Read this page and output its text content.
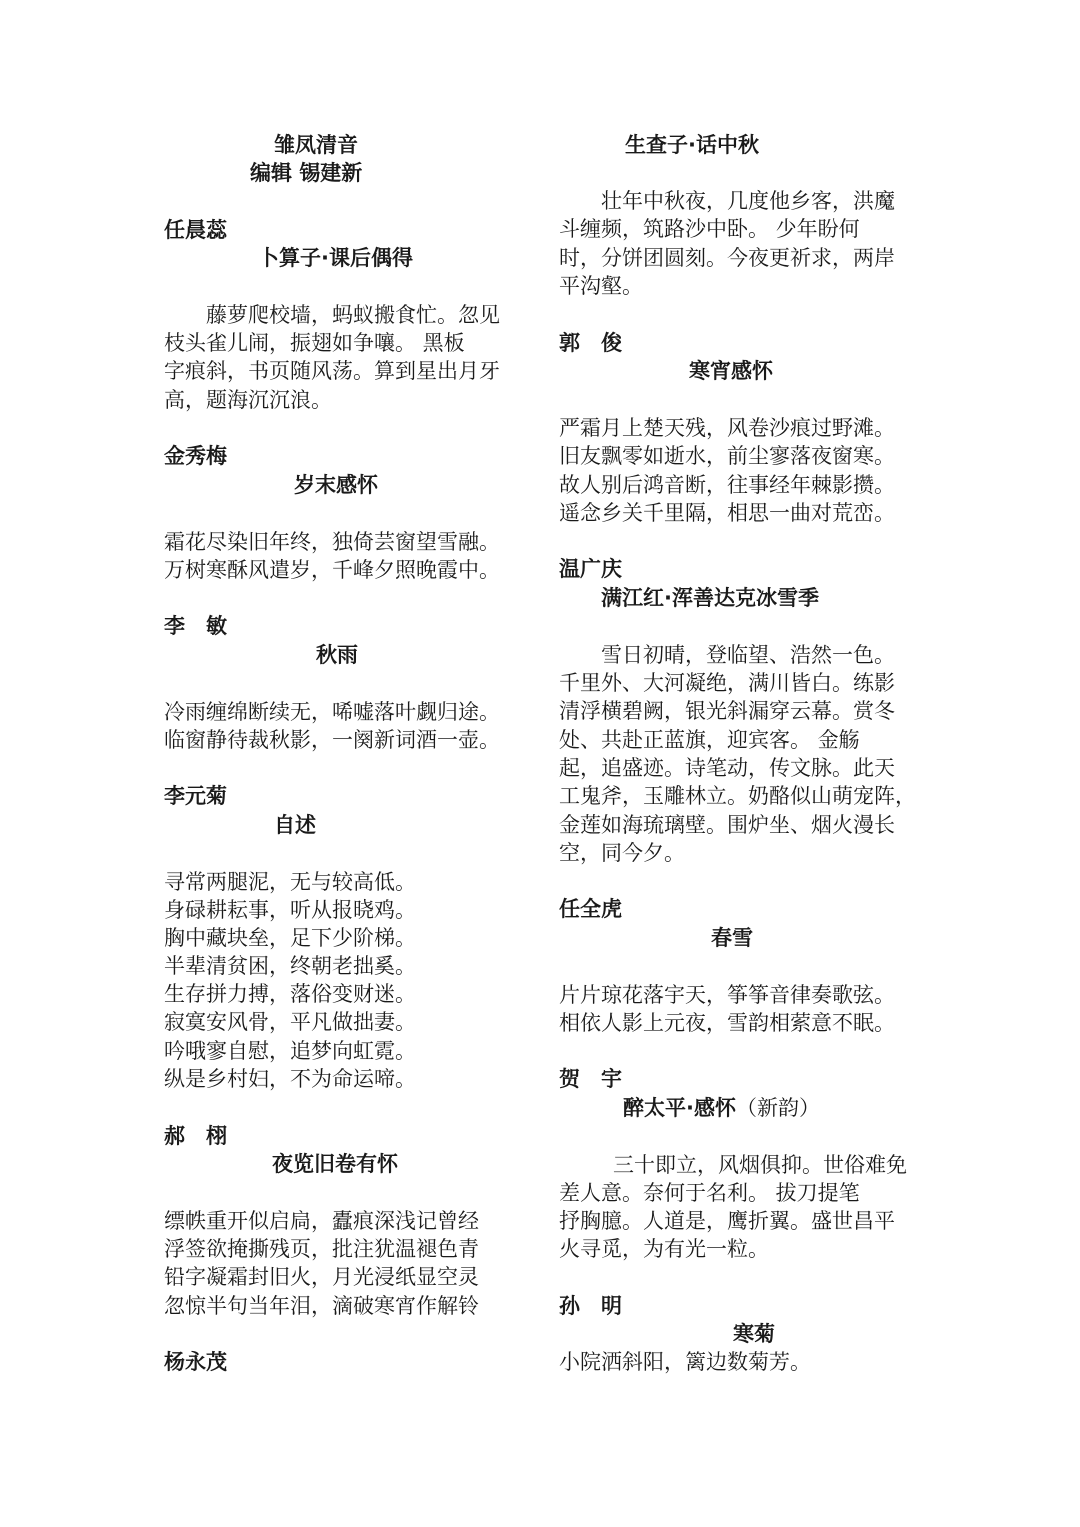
雏凤清音
编辑 锡建新
任晨蕊
卜算子·课后偶得
藤萝爬校墙，蚂蚁搬食忙。忽见
枝头雀儿闹，振翅如争嚷。 黑板
字痕斜，书页随风荡。算到星出月牙
高，题海沉沉浪。
金秀梅
岁末感怀
霜花尽染旧年终，独倚芸窗望雪融。
万树寒酥风遣岁，千峰夕照晚霞中。
李　敏
秋雨
冷雨缠绵断续无，唏嘘落叶觑归途。
临窗静待裁秋影，一阕新词酒一壶。
李元菊
自述
寻常两腿泥，无与较高低。
身碌耕耘事，听从报晓鸡。
胸中藏块垒，足下少阶梯。
半辈清贫困，终朝老拙奚。
生存拼力搏，落俗变财迷。
寂寞安风骨，平凡做拙妻。
吟哦寥自慰，追梦向虹霓。
纵是乡村妇，不为命运啼。
郝　栩
夜览旧卷有怀
缥帙重开似启扃，蠹痕深浅记曾经
浮签欲掩撕残页，批注犹温褪色青
铅字凝霜封旧火，月光浸纸显空灵
忽惊半句当年泪，滴破寒宵作解铃
杨永茂
生查子·话中秋
壮年中秋夜，几度他乡客，洪魔
斗缠频，筑路沙中卧。 少年盼何
时，分饼团圆刻。今夜更祈求，两岸
平沟壑。
郭　俊
寒宵感怀
严霜月上楚天残，风卷沙痕过野滩。
旧友飘零如逝水，前尘寥落夜窗寒。
故人别后鸿音断，往事经年棘影攒。
遥念乡关千里隔，相思一曲对荒峦。
温广庆
满江红·浑善达克冰雪季
雪日初晴，登临望、浩然一色。
千里外、大河凝绝，满川皆白。练影
清浮横碧阙，银光斜漏穿云幕。赏冬
处、共赴正蓝旗，迎宾客。 金觞
起，追盛迹。诗笔动，传文脉。此天
工鬼斧，玉雕林立。奶酪似山萌宠阵，
金莲如海琉璃壁。围炉坐、烟火漫长
空，同今夕。
任全虎
春雪
片片琼花落宇天，筝筝音律奏歌弦。
相依人影上元夜，雪韵相萦意不眠。
贺　宇
醉太平·感怀（新韵）
三十即立，风烟俱抑。世俗难免
差人意。奈何于名利。 拔刀提笔
抒胸臆。人道是，鹰折翼。盛世昌平
火寻觅，为有光一粒。
孙　明
寒菊
小院洒斜阳，篱边数菊芳。
